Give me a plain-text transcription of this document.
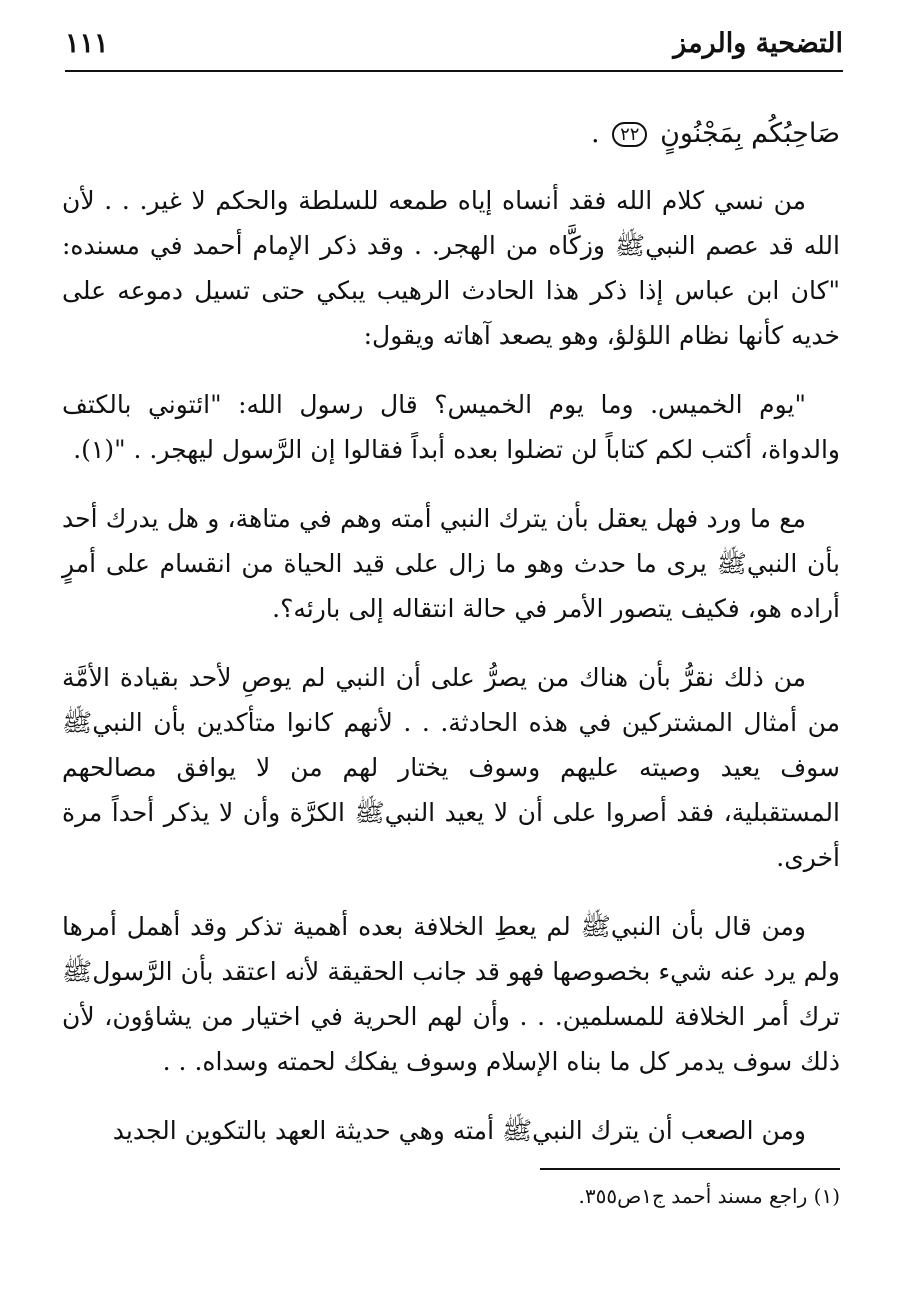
التضحية والرمز
١١١
صَاحِبُكُم بِمَجْنُونٍ ٢٢ .

من نسي كلام الله فقد أنساه إياه طمعه للسلطة والحكم لا غير. . . لأن الله قد عصم النبيﷺ وزكَّاه من الهجر. . وقد ذكر الإمام أحمد في مسنده: "كان ابن عباس إذا ذكر هذا الحادث الرهيب يبكي حتى تسيل دموعه على خديه كأنها نظام اللؤلؤ، وهو يصعد آهاته ويقول:

"يوم الخميس. وما يوم الخميس؟ قال رسول الله: "ائتوني بالكتف والدواة، أكتب لكم كتاباً لن تضلوا بعده أبداً فقالوا إن الرَّسول ليهجر. . "(١).

مع ما ورد فهل يعقل بأن يترك النبي أمته وهم في متاهة، و هل يدرك أحد بأن النبيﷺ يرى ما حدث وهو ما زال على قيد الحياة من انقسام على أمرٍ أراده هو، فكيف يتصور الأمر في حالة انتقاله إلى بارئه؟.

من ذلك نقرُّ بأن هناك من يصرُّ على أن النبي لم يوصِ لأحد بقيادة الأمَّة من أمثال المشتركين في هذه الحادثة. . . لأنهم كانوا متأكدين بأن النبيﷺ سوف يعيد وصيته عليهم وسوف يختار لهم من لا يوافق مصالحهم المستقبلية، فقد أصروا على أن لا يعيد النبيﷺ الكرَّة وأن لا يذكر أحداً مرة أخرى.

ومن قال بأن النبيﷺ لم يعطِ الخلافة بعده أهمية تذكر وقد أهمل أمرها ولم يرد عنه شيء بخصوصها فهو قد جانب الحقيقة لأنه اعتقد بأن الرَّسولﷺ ترك أمر الخلافة للمسلمين. . . وأن لهم الحرية في اختيار من يشاؤون، لأن ذلك سوف يدمر كل ما بناه الإسلام وسوف يفكك لحمته وسداه. . .

ومن الصعب أن يترك النبيﷺ أمته وهي حديثة العهد بالتكوين الجديد

(١) راجع مسند أحمد ج١ص٣٥٥.
